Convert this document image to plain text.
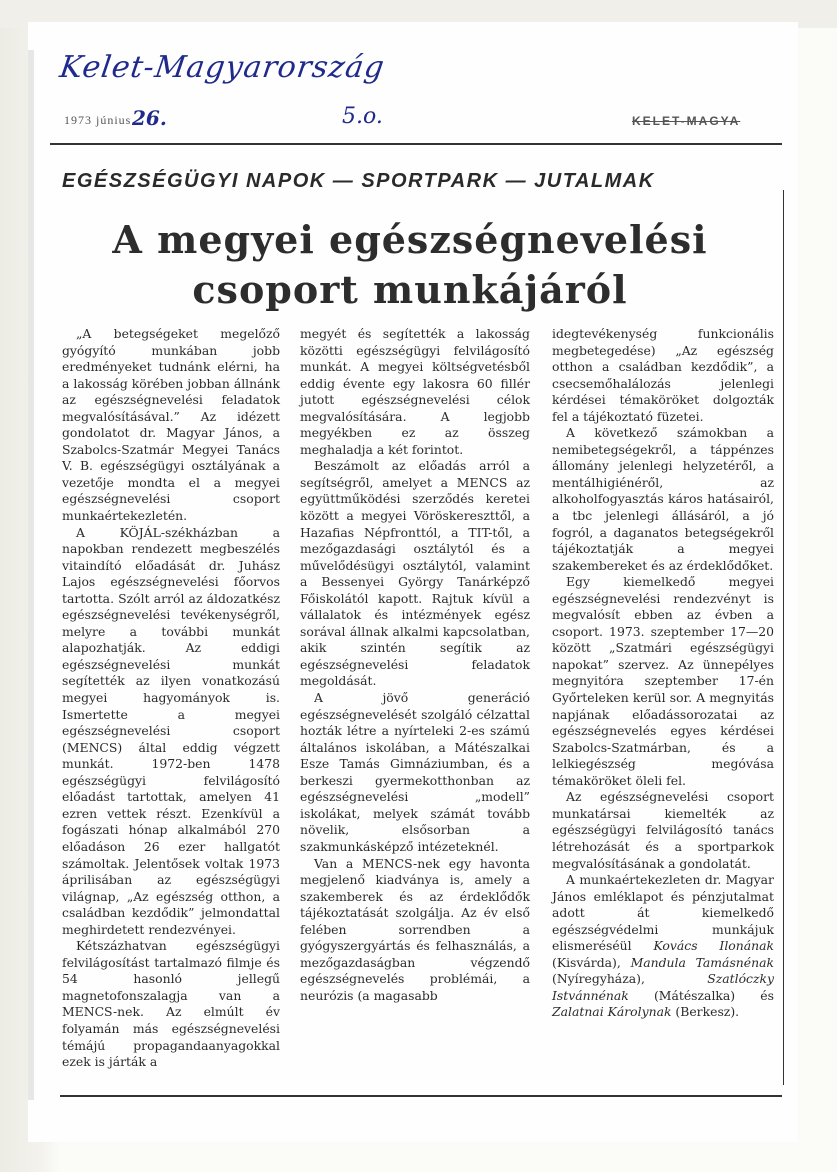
Kelet-Magyarország
1973 június 26.	5.o.	KELET-MAGYA
EGÉSZSÉGÜGYI NAPOK — SPORTPARK — JUTALMAK
A megyei egészségnevelési
csoport munkájáról

„A betegségeket megelőző gyógyító munkában jobb eredményeket tudnánk elérni, ha a lakosság körében jobban állnánk az egészségnevelési feladatok megvalósításával.” Az idézett gondolatot dr. Magyar János, a Szabolcs-Szatmár Megyei Tanács V. B. egészségügyi osztályának a vezetője mondta el a megyei egészségnevelési csoport munkaértekezletén.

A KÖJÁL-székházban a napokban rendezett megbeszélés vitaindító előadását dr. Juhász Lajos egészségnevelési főorvos tartotta. Szólt arról az áldozatkész egészségnevelési tevékenységről, melyre a további munkát alapozhatják. Az eddigi egészségnevelési munkát segítették az ilyen vonatkozású megyei hagyományok is. Ismertette a megyei egészségnevelési csoport (MENCS) által eddig végzett munkát. 1972-ben 1478 egészségügyi felvilágosító előadást tartottak, amelyen 41 ezren vettek részt. Ezenkívül a fogászati hónap alkalmából 270 előadáson 26 ezer hallgatót számoltak. Jelentősek voltak 1973 áprilisában az egészségügyi világnap, „Az egészség otthon, a családban kezdődik” jelmondattal meghirdetett rendezvényei.

Kétszázhatvan egészségügyi felvilágosítást tartalmazó filmje és 54 hasonló jellegű magnetofonszalagja van a MENCS-nek. Az elmúlt év folyamán más egészségnevelési témájú propagandaanyagokkal ezek is járták a

megyét és segítették a lakosság közötti egészségügyi felvilágosító munkát. A megyei költségvetésből eddig évente egy lakosra 60 fillér jutott egészségnevelési célok megvalósítására. A legjobb megyékben ez az összeg meghaladja a két forintot.

Beszámolt az előadás arról a segítségről, amelyet a MENCS az együttműködési szerződés keretei között a megyei Vöröskereszttől, a Hazafias Népfronttól, a TIT-től, a mezőgazdasági osztálytól és a művelődésügyi osztálytól, valamint a Bessenyei György Tanárképző Főiskolától kapott. Rajtuk kívül a vállalatok és intézmények egész sorával állnak alkalmi kapcsolatban, akik szintén segítik az egészségnevelési feladatok megoldását.

A jövő generáció egészségnevelését szolgáló célzattal hozták létre a nyírteleki 2-es számú általános iskolában, a Mátészalkai Esze Tamás Gimnáziumban, és a berkeszi gyermekotthonban az egészségnevelési „modell” iskolákat, melyek számát tovább növelik, elsősorban a szakmunkásképző intézeteknél.

Van a MENCS-nek egy havonta megjelenő kiadványa is, amely a szakemberek és az érdeklődők tájékoztatását szolgálja. Az év első felében sorrendben a gyógyszergyártás és felhasználás, a mezőgazdaságban végzendő egészségnevelés problémái, a neurózis (a magasabb

idegtevékenység funkcionális megbetegedése) „Az egészség otthon a családban kezdődik”, a csecsemőhalálozás jelenlegi kérdései témaköröket dolgozták fel a tájékoztató füzetei.

A következő számokban a nemibetegségekről, a táppénzes állomány jelenlegi helyzetéről, a mentálhigiénéről, az alkoholfogyasztás káros hatásairól, a tbc jelenlegi állásáról, a jó fogról, a daganatos betegségekről tájékoztatják a megyei szakembereket és az érdeklődőket.

Egy kiemelkedő megyei egészségnevelési rendezvényt is megvalósít ebben az évben a csoport. 1973. szeptember 17—20 között „Szatmári egészségügyi napokat” szervez. Az ünnepélyes megnyitóra szeptember 17-én Győrteleken kerül sor. A megnyitás napjának előadássorozatai az egészségnevelés egyes kérdései Szabolcs-Szatmárban, és a lelkiegészség megóvása témaköröket öleli fel.

Az egészségnevelési csoport munkatársai kiemelték az egészségügyi felvilágosító tanács létrehozását és a sportparkok megvalósításának a gondolatát.

A munkaértekezleten dr. Magyar János emléklapot és pénzjutalmat adott át kiemelkedő egészségvédelmi munkájuk elismeréséül Kovács Ilonának (Kisvárda), Mandula Tamásnénak (Nyíregyháza), Szatlóczky Istvánnénak (Mátészalka) és Zalatnai Károlynak (Berkesz).
